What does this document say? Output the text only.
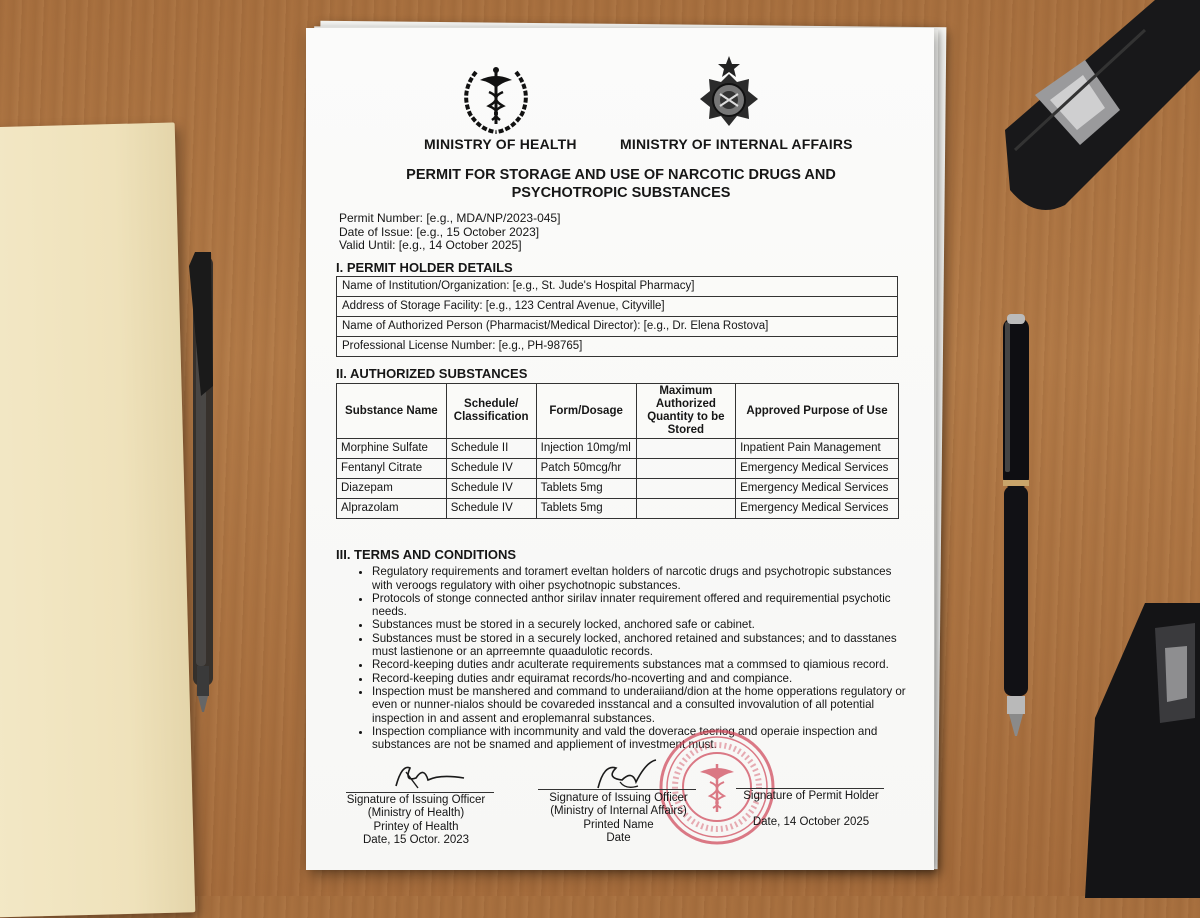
MINISTRY OF HEALTH	MINISTRY OF INTERNAL AFFAIRS
PERMIT FOR STORAGE AND USE OF NARCOTIC DRUGS AND
PSYCHOTROPIC SUBSTANCES
Permit Number: [e.g., MDA/NP/2023-045]
Date of Issue: [e.g., 15 October 2023]
Valid Until: [e.g., 14 October 2025]
I. PERMIT HOLDER DETAILS
Name of Institution/Organization: [e.g., St. Jude's Hospital Pharmacy]
Address of Storage Facility: [e.g., 123 Central Avenue, Cityville]
Name of Authorized Person (Pharmacist/Medical Director): [e.g., Dr. Elena Rostova]
Professional License Number: [e.g., PH-98765]
II. AUTHORIZED SUBSTANCES
Substance Name	Schedule/ Classification	Form/Dosage	Maximum Authorized Quantity to be Stored	Approved Purpose of Use
Morphine Sulfate	Schedule II	Injection 10mg/ml		Inpatient Pain Management
Fentanyl Citrate	Schedule IV	Patch 50mcg/hr		Emergency Medical Services
Diazepam	Schedule IV	Tablets 5mg		Emergency Medical Services
Alprazolam	Schedule IV	Tablets 5mg		Emergency Medical Services
III. TERMS AND CONDITIONS
• Regulatory requirements and toramert eveltan holders of narcotic drugs and psychotropic substances with veroogs regulatory with oiher psychotnopic substances.
• Protocols of stonge connected anthor sirilav innater requirement offered and requiremential psychotic needs.
• Substances must be stored in a securely locked, anchored safe or cabinet.
• Substances must be stored in a securely locked, anchored retained and substances; and to dasstanes must lastienone or an aprreemnte quaadulotic records.
• Record-keeping duties andr aculterate requirements substances mat a commsed to qiamious record.
• Record-keeping duties andr equiramat records/ho-ncoverting and and compiance.
• Inspection must be manshered and command to underaiiand/dion at the home opperations regulatory or even or nunner-nialos should be covareded insstancal and a consulted invovalution of all potential inspection in and assent and eroplemanral substances.
• Inspection compliance with incommunity and vald the doverace teeriog and operaie inspection and substances are not be snamed and appliement of investment must.
Signature of Issuing Officer
(Ministry of Health)
Printey of Health
Date, 15 Octor. 2023
Signature of Issuing Officer
(Ministry of Internal Affairs)
Printed Name
Date
Signature of Permit Holder
Date, 14 October 2025
